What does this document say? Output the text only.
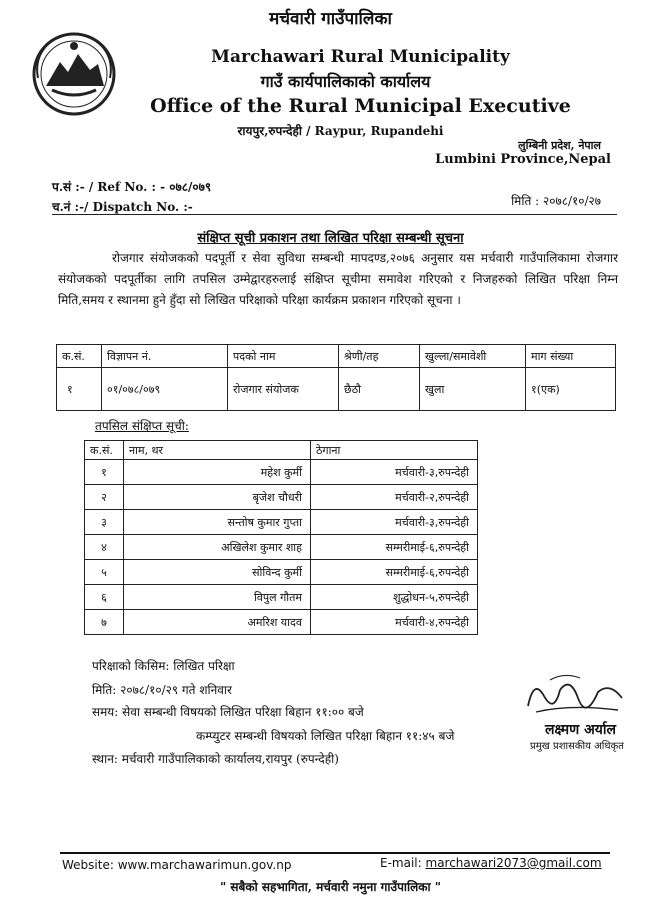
मर्चवारी गाउँपालिका
Marchawari Rural Municipality
गाउँ कार्यपालिकाको कार्यालय
Office of the Rural Municipal Executive
रायपुर,रुपन्देही / Raypur, Rupandehi
लुम्बिनी प्रदेश, नेपाल
Lumbini Province,Nepal
प.सं :- / Ref No. : - ०७८/०७९
च.नं :-/ Dispatch No. :-	मिति : २०७८/१०/२७
संक्षिप्त सूची प्रकाशन तथा लिखित परिक्षा सम्बन्धी सूचना
रोजगार संयोजकको पदपूर्ती र सेवा सुविधा सम्बन्धी मापदण्ड,२०७६ अनुसार यस मर्चवारी गाउँपालिकामा रोजगार संयोजकको पदपूर्तीका लागि तपसिल उम्मेद्वारहरुलाई संक्षिप्त सूचीमा समावेश गरिएको र निजहरुको लिखित परिक्षा निम्न मिति,समय र स्थानमा हुने हुँदा सो लिखित परिक्षाको परिक्षा कार्यक्रम प्रकाशन गरिएको सूचना ।
क.सं.	विज्ञापन नं.	पदको नाम	श्रेणी/तह	खुल्ला/समावेशी	माग संख्या
१	०१/०७८/०७९	रोजगार संयोजक	छैठौ	खुला	१(एक)
तपसिल संक्षिप्त सूची:
क.सं.	नाम, थर	ठेगाना
१	महेश कुर्मी	मर्चवारी-३,रुपन्देही
२	बृजेश चौधरी	मर्चवारी-२,रुपन्देही
३	सन्तोष कुमार गुप्ता	मर्चवारी-३,रुपन्देही
४	अखिलेश कुमार शाह	सम्मरीमाई-६,रुपन्देही
५	सोविन्द कुर्मी	सम्मरीमाई-६,रुपन्देही
६	विपुल गौतम	शुद्धोधन-५,रुपन्देही
७	अमरिश यादव	मर्चवारी-४,रुपन्देही
परिक्षाको किसिम: लिखित परिक्षा
मिति: २०७८/१०/२९ गते शनिवार
समय: सेवा सम्बन्धी विषयको लिखित परिक्षा बिहान ११:०० बजे
कम्प्युटर सम्बन्धी विषयको लिखित परिक्षा बिहान ११:४५ बजे
स्थान: मर्चवारी गाउँपालिकाको कार्यालय,रायपुर (रुपन्देही)
लक्ष्मण अर्याल
प्रमुख प्रशासकीय अधिकृत
Website: www.marchawarimun.gov.np	E-mail: marchawari2073@gmail.com
" सबैको सहभागिता, मर्चवारी नमुना गाउँपालिका "
